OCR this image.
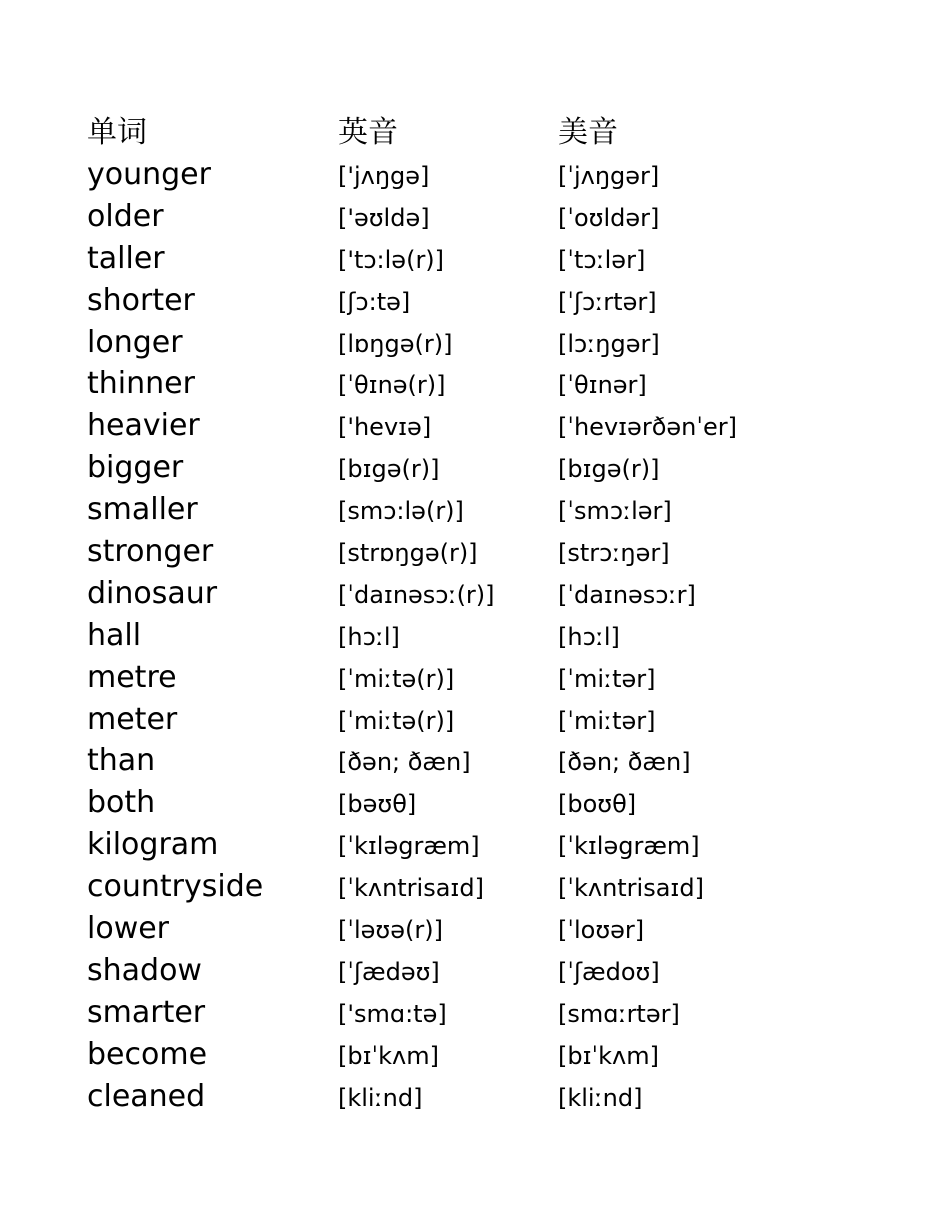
单词	英音	美音
younger	['jʌŋgə]	[ˈjʌŋgər]
older	['əʊldə]	[ˈoʊldər]
taller	['tɔ:lə(r)]	[ˈtɔːlər]
shorter	[ʃɔ:tə]	[ˈʃɔːrtər]
longer	[lɒŋgə(r)]	[lɔːŋgər]
thinner	[ˈθɪnə(r)]	[ˈθɪnər]
heavier	['hevɪə]	[ˈhevɪərðənˈer]
bigger	[bɪgə(r)]	[bɪgə(r)]
smaller	[smɔ:lə(r)]	[ˈsmɔːlər]
stronger	[strɒŋgə(r)]	[strɔːŋər]
dinosaur	[ˈdaɪnəsɔː(r)]	[ˈdaɪnəsɔːr]
hall	[hɔːl]	[hɔːl]
metre	[ˈmiːtə(r)]	[ˈmiːtər]
meter	[ˈmiːtə(r)]	[ˈmiːtər]
than	[ðən; ðæn]	[ðən; ðæn]
both	[bəʊθ]	[boʊθ]
kilogram	[ˈkɪləgræm]	[ˈkɪləgræm]
countryside	[ˈkʌntrisaɪd]	[ˈkʌntrisaɪd]
lower	[ˈləʊə(r)]	[ˈloʊər]
shadow	[ˈʃædəʊ]	[ˈʃædoʊ]
smarter	['smɑ:tə]	[smɑːrtər]
become	[bɪˈkʌm]	[bɪˈkʌm]
cleaned	[kliːnd]	[kliːnd]
